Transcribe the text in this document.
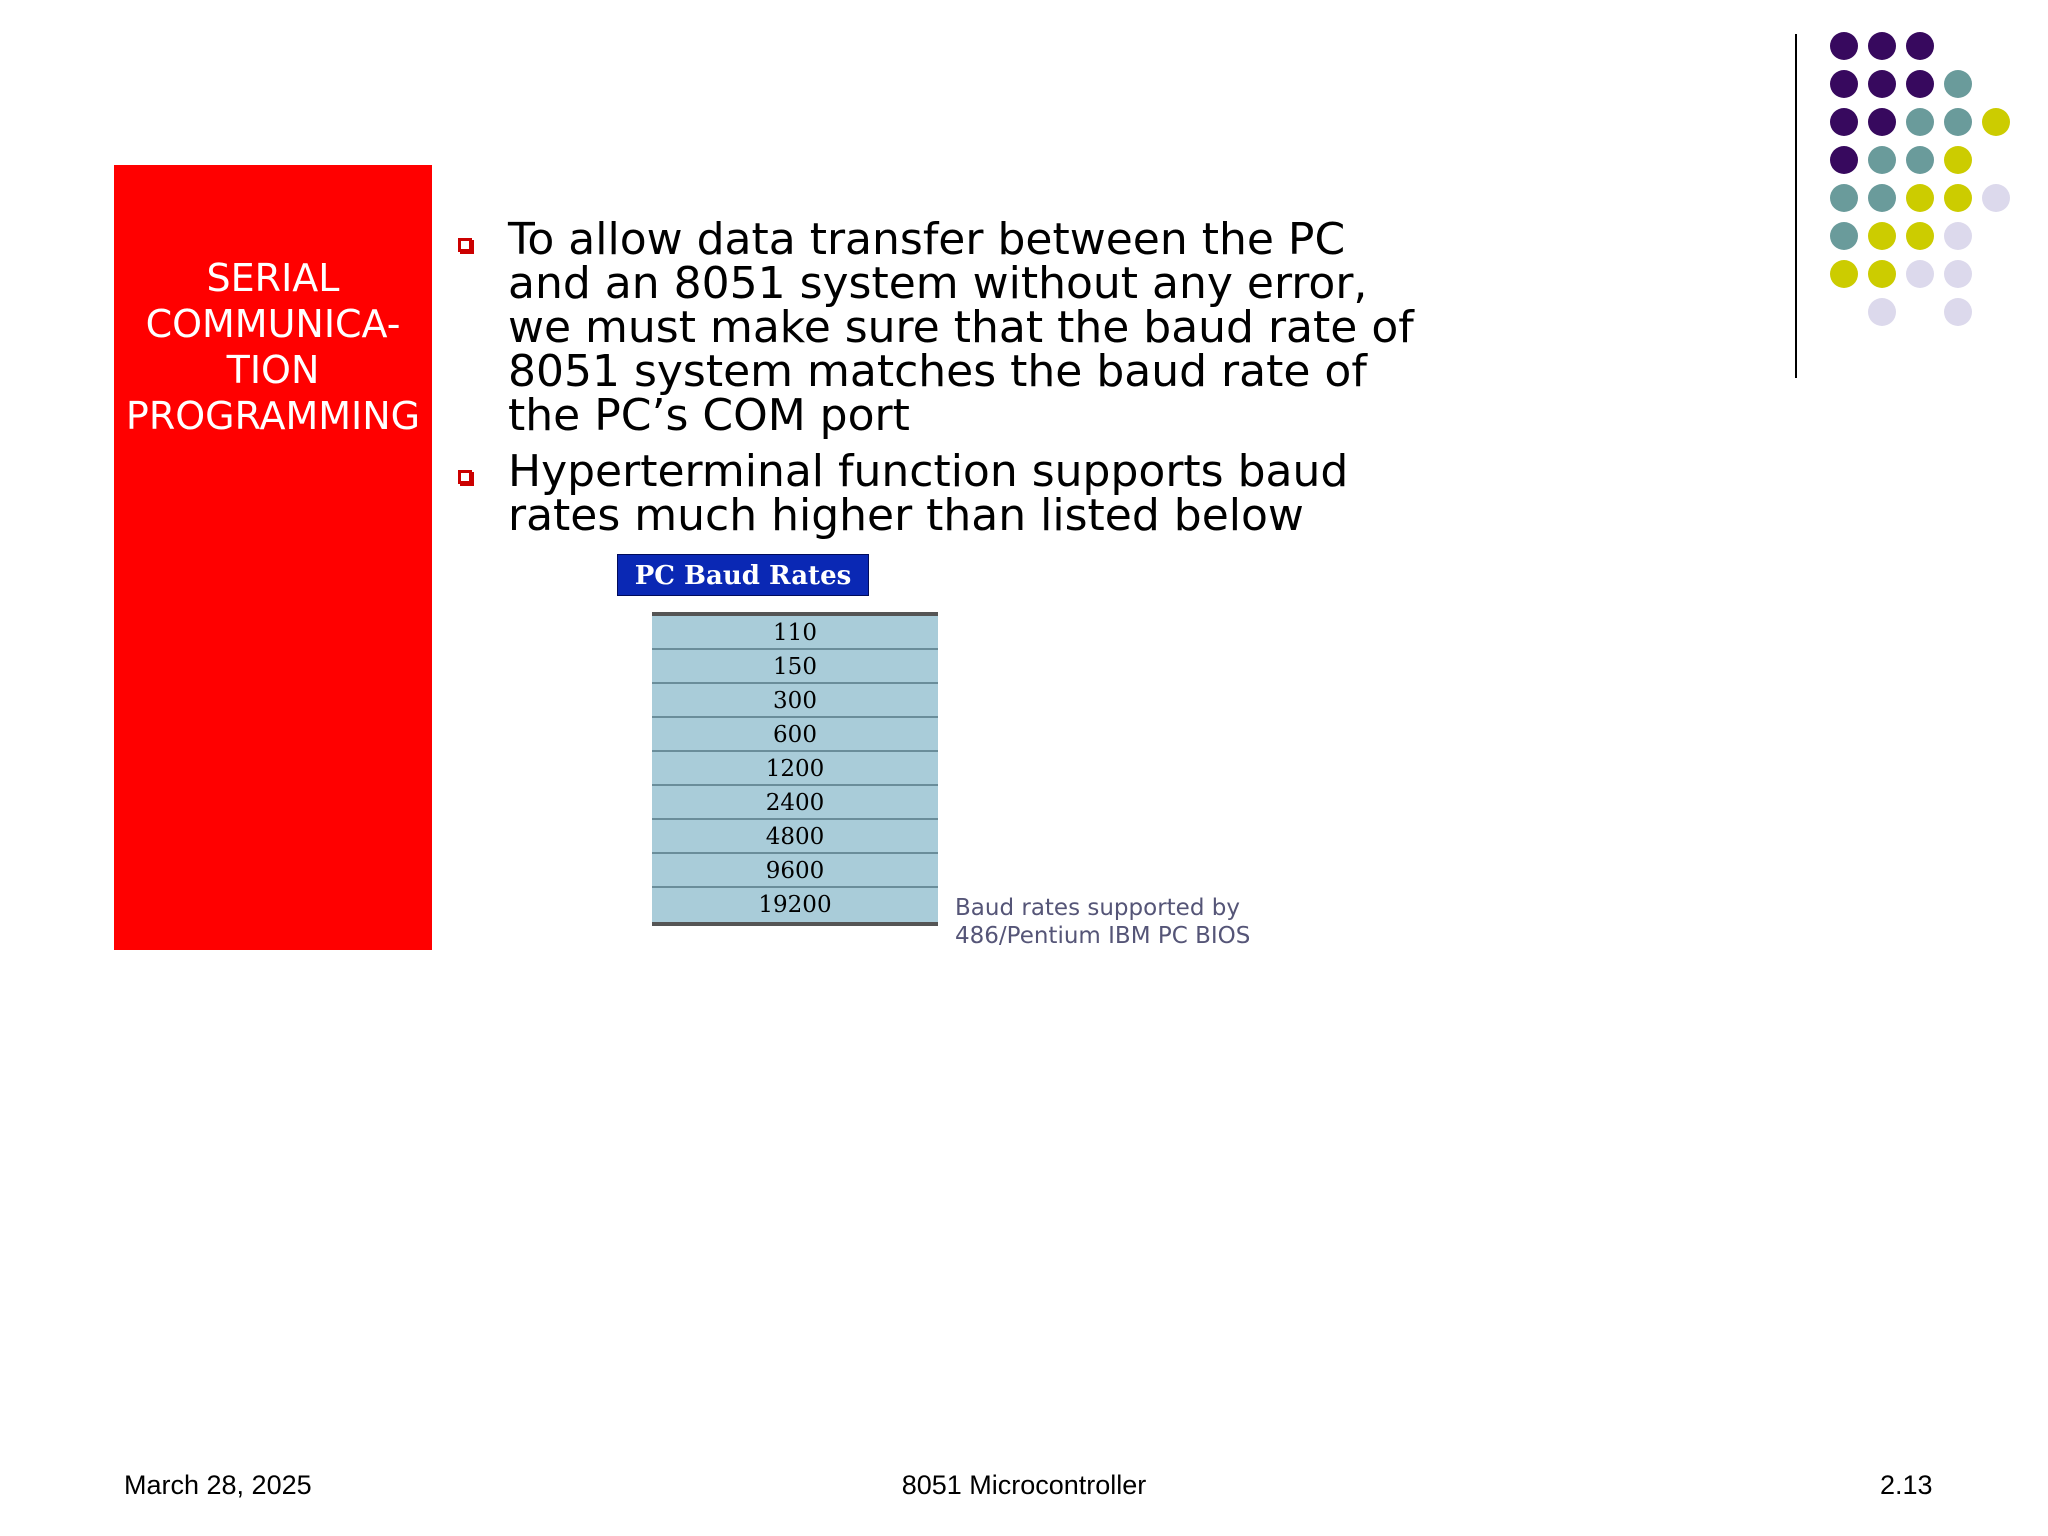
SERIAL
COMMUNICA-
TION
PROGRAMMING
To allow data transfer between the PC and an 8051 system without any error, we must make sure that the baud rate of 8051 system matches the baud rate of the PC’s COM port
Hyperterminal function supports baud rates much higher than listed below
PC Baud Rates
110
150
300
600
1200
2400
4800
9600
19200	Baud rates supported by
486/Pentium IBM PC BIOS
March 28, 2025	8051 Microcontroller	2.13
